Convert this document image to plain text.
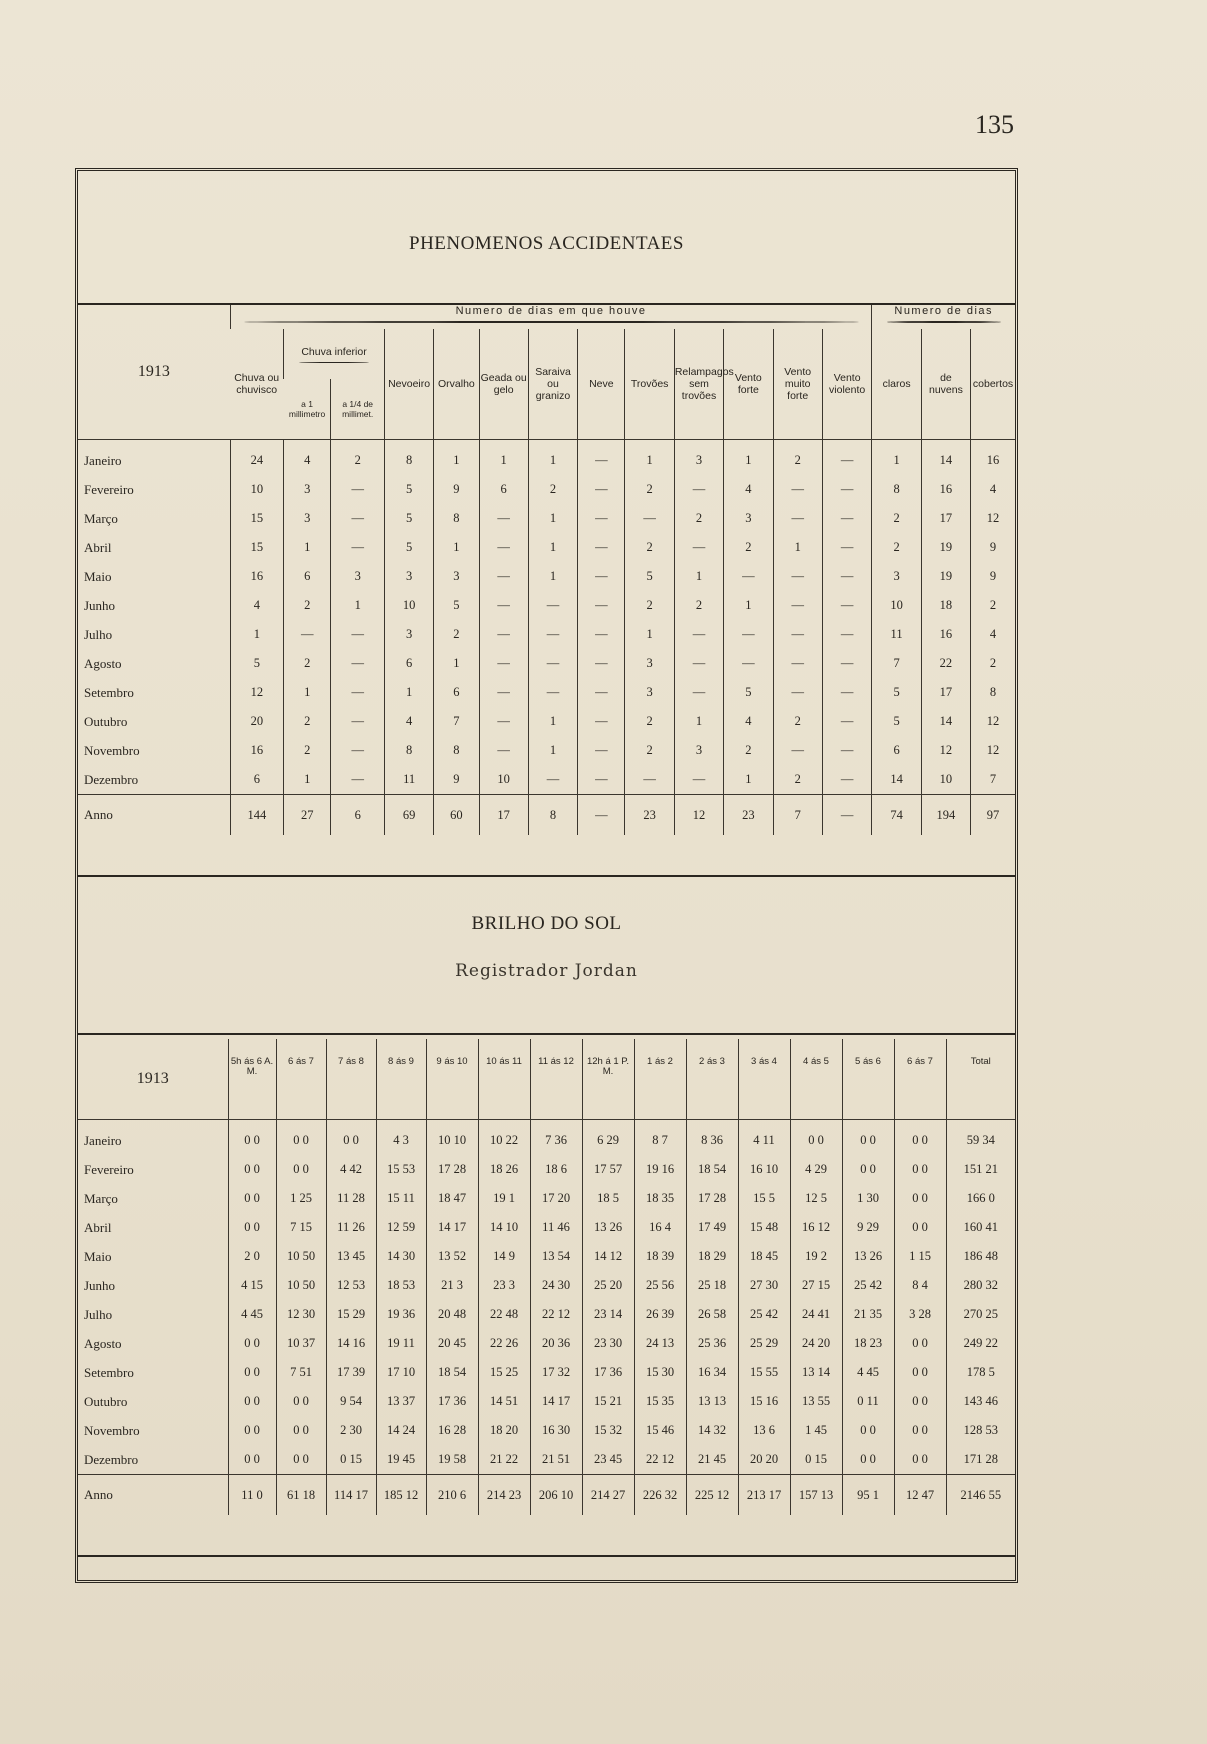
135
PHENOMENOS ACCIDENTAES
1913	Numero de dias em que houve													Numero de dias		

	Chuva ou chuvisco	Chuva inferior		Nevoeiro	Orvalho	Geada ou gelo	Saraiva ou granizo	Neve	Trovões	Relampagos sem trovões	Vento forte	Vento muito forte	Vento violento	claros	de nuvens	cobertos
		a 1 millimetro	a 1/4 de millimet.													

Janeiro	24	4	2	8	1	1	1	—	1	3	1	2	—	1	14	16
Fevereiro	10	3	—	5	9	6	2	—	2	—	4	—	—	8	16	4
Março	15	3	—	5	8	—	1	—	—	2	3	—	—	2	17	12
Abril	15	1	—	5	1	—	1	—	2	—	2	1	—	2	19	9
Maio	16	6	3	3	3	—	1	—	5	1	—	—	—	3	19	9
Junho	4	2	1	10	5	—	—	—	2	2	1	—	—	10	18	2
Julho	1	—	—	3	2	—	—	—	1	—	—	—	—	11	16	4
Agosto	5	2	—	6	1	—	—	—	3	—	—	—	—	7	22	2
Setembro	12	1	—	1	6	—	—	—	3	—	5	—	—	5	17	8
Outubro	20	2	—	4	7	—	1	—	2	1	4	2	—	5	14	12
Novembro	16	2	—	8	8	—	1	—	2	3	2	—	—	6	12	12
Dezembro	6	1	—	11	9	10	—	—	—	—	1	2	—	14	10	7
Anno	144	27	6	69	60	17	8	—	23	12	23	7	—	74	194	97
BRILHO DO SOL
Registrador Jordan
1913	5h ás 6 A. M.	6 ás 7	7 ás 8	8 ás 9	9 ás 10	10 ás 11	11 ás 12	12h á 1 P. M.	1 ás 2	2 ás 3	3 ás 4	4 ás 5	5 ás 6	6 ás 7	Total

Janeiro	0 0	0 0	0 0	4 3	10 10	10 22	7 36	6 29	8 7	8 36	4 11	0 0	0 0	0 0	59 34
Fevereiro	0 0	0 0	4 42	15 53	17 28	18 26	18 6	17 57	19 16	18 54	16 10	4 29	0 0	0 0	151 21
Março	0 0	1 25	11 28	15 11	18 47	19 1	17 20	18 5	18 35	17 28	15 5	12 5	1 30	0 0	166 0
Abril	0 0	7 15	11 26	12 59	14 17	14 10	11 46	13 26	16 4	17 49	15 48	16 12	9 29	0 0	160 41
Maio	2 0	10 50	13 45	14 30	13 52	14 9	13 54	14 12	18 39	18 29	18 45	19 2	13 26	1 15	186 48
Junho	4 15	10 50	12 53	18 53	21 3	23 3	24 30	25 20	25 56	25 18	27 30	27 15	25 42	8 4	280 32
Julho	4 45	12 30	15 29	19 36	20 48	22 48	22 12	23 14	26 39	26 58	25 42	24 41	21 35	3 28	270 25
Agosto	0 0	10 37	14 16	19 11	20 45	22 26	20 36	23 30	24 13	25 36	25 29	24 20	18 23	0 0	249 22
Setembro	0 0	7 51	17 39	17 10	18 54	15 25	17 32	17 36	15 30	16 34	15 55	13 14	4 45	0 0	178 5
Outubro	0 0	0 0	9 54	13 37	17 36	14 51	14 17	15 21	15 35	13 13	15 16	13 55	0 11	0 0	143 46
Novembro	0 0	0 0	2 30	14 24	16 28	18 20	16 30	15 32	15 46	14 32	13 6	1 45	0 0	0 0	128 53
Dezembro	0 0	0 0	0 15	19 45	19 58	21 22	21 51	23 45	22 12	21 45	20 20	0 15	0 0	0 0	171 28
Anno	11 0	61 18	114 17	185 12	210 6	214 23	206 10	214 27	226 32	225 12	213 17	157 13	95 1	12 47	2146 55
